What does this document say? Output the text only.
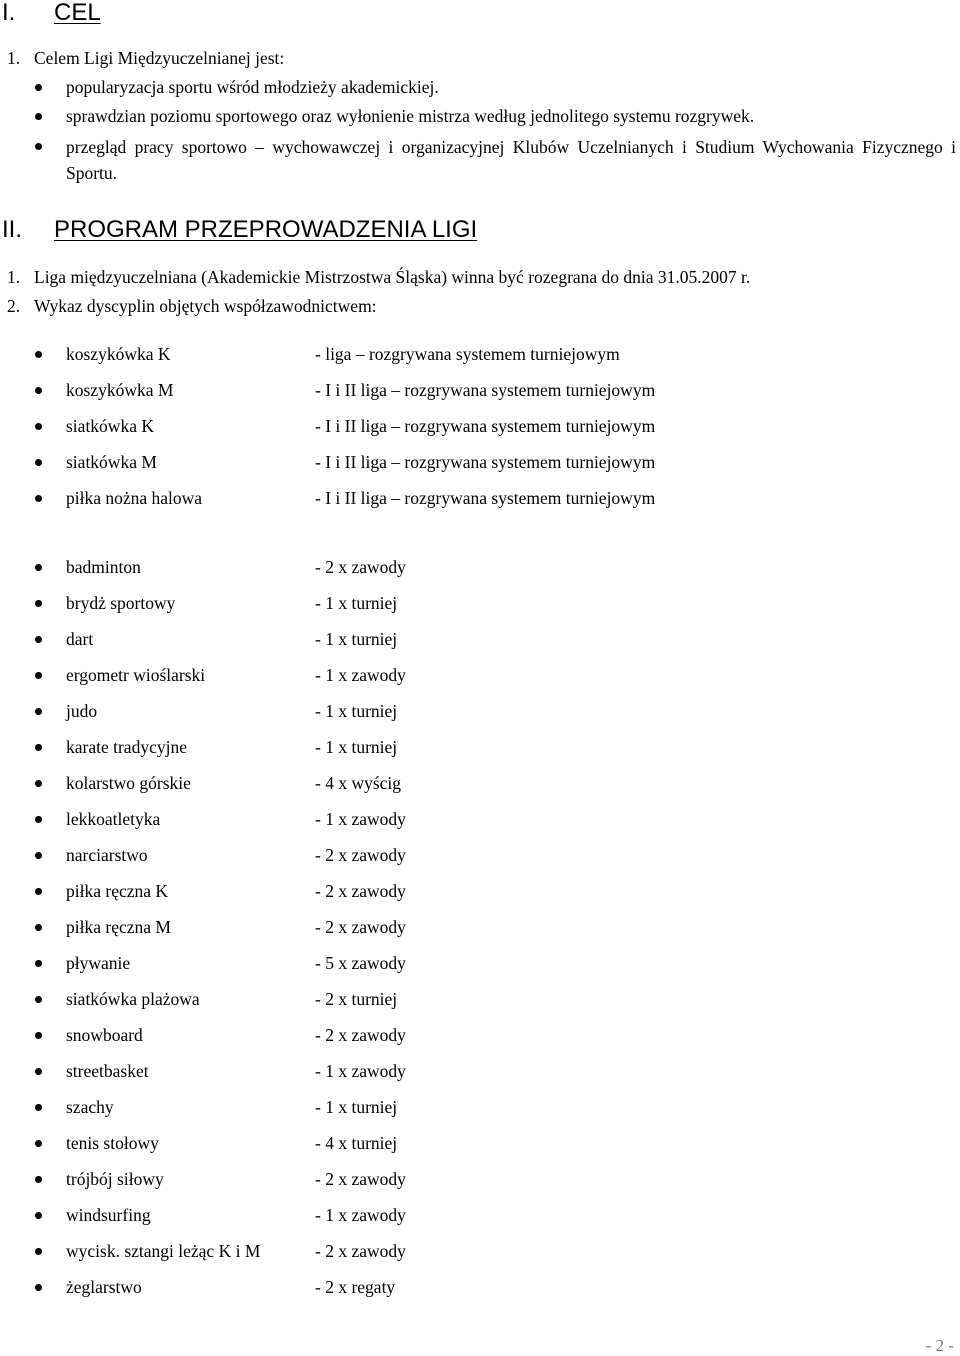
I. CEL
1. Celem Ligi Międzyuczelnianej jest:
popularyzacja sportu wśród młodzieży akademickiej.
sprawdzian poziomu sportowego oraz wyłonienie mistrza według jednolitego systemu rozgrywek.
przegląd pracy sportowo – wychowawczej i organizacyjnej Klubów Uczelnianych i Studium Wychowania Fizycznego i Sportu.
II. PROGRAM PRZEPROWADZENIA LIGI
1. Liga międzyuczelniana (Akademickie Mistrzostwa Śląska) winna być rozegrana do dnia 31.05.2007 r.
2. Wykaz dyscyplin objętych współzawodnictwem:
koszykówka K	- liga – rozgrywana systemem turniejowym
koszykówka M	- I i II liga – rozgrywana systemem turniejowym
siatkówka K	- I i II liga – rozgrywana systemem turniejowym
siatkówka M	- I i II liga – rozgrywana systemem turniejowym
piłka nożna halowa	- I i II liga – rozgrywana systemem turniejowym
badminton	- 2 x zawody
brydż sportowy	- 1 x turniej
dart	- 1 x turniej
ergometr wioślarski	- 1 x zawody
judo	- 1 x turniej
karate tradycyjne	- 1 x turniej
kolarstwo górskie	- 4 x wyścig
lekkoatletyka	- 1 x zawody
narciarstwo	- 2 x zawody
piłka ręczna K	- 2 x zawody
piłka ręczna M	- 2 x zawody
pływanie	- 5 x zawody
siatkówka plażowa	- 2 x turniej
snowboard	- 2 x zawody
streetbasket	- 1 x zawody
szachy	- 1 x turniej
tenis stołowy	- 4 x turniej
trójbój siłowy	- 2 x zawody
windsurfing	- 1 x zawody
wycisk. sztangi leżąc K i M	- 2 x zawody
żeglarstwo	- 2 x regaty
- 2 -
